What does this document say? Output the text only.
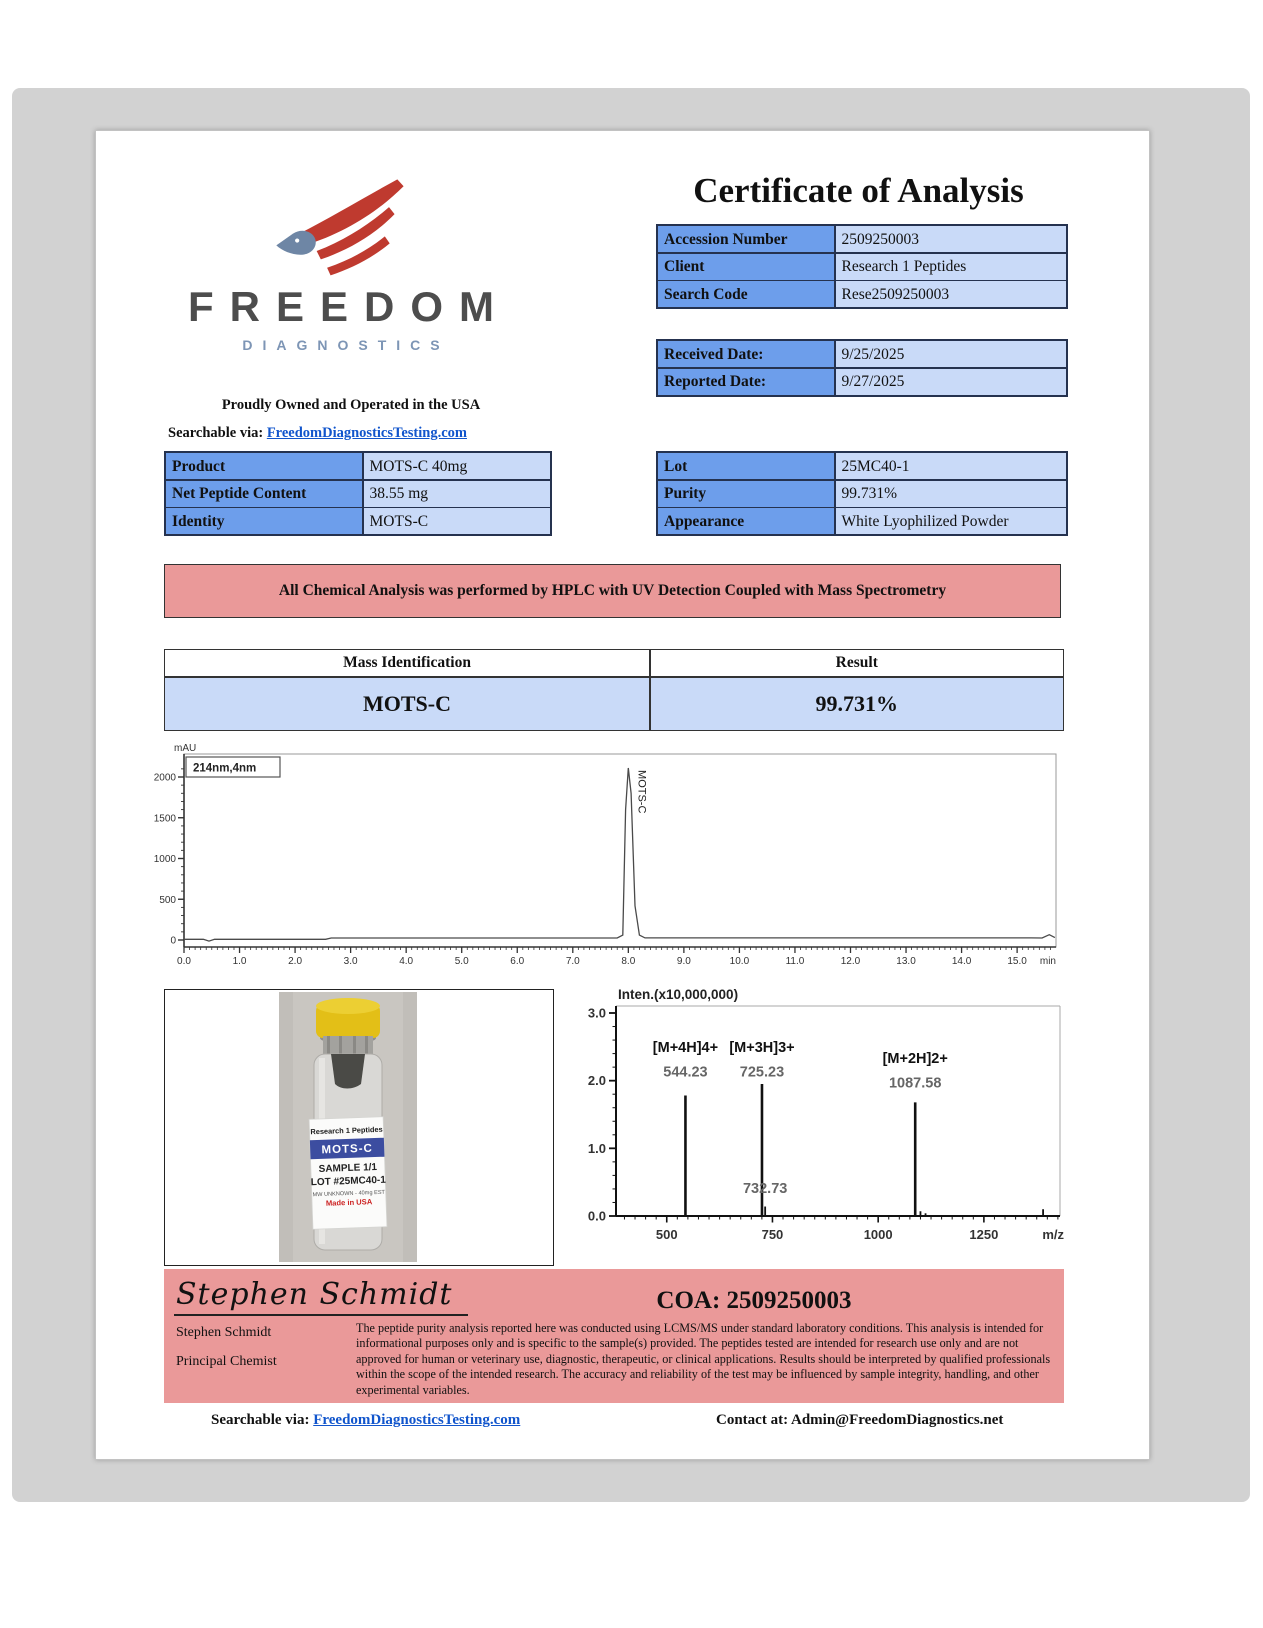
FREEDOM
DIAGNOSTICS
Proudly Owned and Operated in the USA
Searchable via: FreedomDiagnosticsTesting.com
Certificate of Analysis
Accession Number	2509250003
Client	Research 1 Peptides
Search Code	Rese2509250003
Received Date:	9/25/2025
Reported Date:	9/27/2025
Product	MOTS-C 40mg
Net Peptide Content	38.55 mg
Identity	MOTS-C
Lot	25MC40-1
Purity	99.731%
Appearance	White Lyophilized Powder
All Chemical Analysis was performed by HPLC with UV Detection Coupled with Mass Spectrometry
Mass Identification	Result
MOTS-C	99.731%
0
500
1000
1500
2000
0.0	1.0	2.0	3.0	4.0	5.0	6.0	7.0	8.0	9.0	10.0	11.0	12.0	13.0	14.0	15.0 min
mAU
214nm,4nm
MOTS-C
Research 1 Peptides
MOTS-C
SAMPLE 1/1
LOT #25MC40-1
MW UNKNOWN - 40mg EST
Made in USA
0.0
1.0
2.0
3.0
500	750	1000	1250	m/z
Inten.(x10,000,000)
[M+4H]4+
544.23
[M+3H]3+
725.23
732.73
[M+2H]2+
1087.58
Stephen Schmidt	COA: 2509250003
Stephen Schmidt
Principal Chemist
The peptide purity analysis reported here was conducted using LCMS/MS under standard laboratory conditions. This analysis is intended for informational purposes only and is specific to the sample(s) provided. The peptides tested are intended for research use only and are not approved for human or veterinary use, diagnostic, therapeutic, or clinical applications. Results should be interpreted by qualified professionals within the scope of the intended research. The accuracy and reliability of the test may be influenced by sample integrity, handling, and other experimental variables.
Searchable via: FreedomDiagnosticsTesting.com	Contact at: Admin@FreedomDiagnostics.net
